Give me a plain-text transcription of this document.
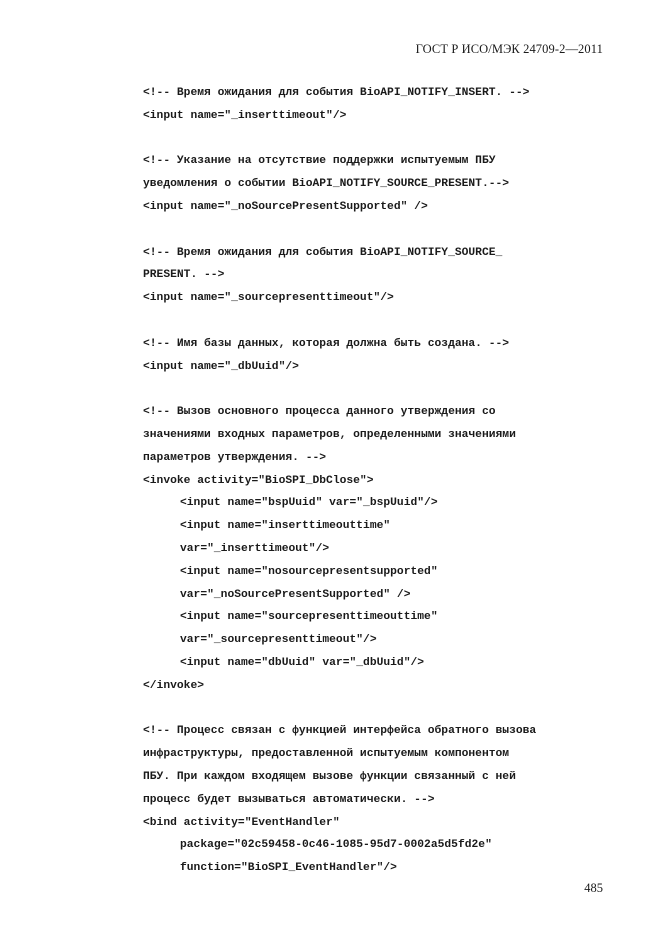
ГОСТ Р ИСО/МЭК 24709-2—2011
<!-- Время ожидания для события BioAPI_NOTIFY_INSERT. -->
<input name="_inserttimeout"/>
<!-- Указание на отсутствие поддержки испытуемым ПБУ
уведомления о событии BioAPI_NOTIFY_SOURCE_PRESENT.-->
<input name="_noSourcePresentSupported" />
<!-- Время ожидания для события BioAPI_NOTIFY_SOURCE_
PRESENT. -->
<input name="_sourcepresenttimeout"/>
<!-- Имя базы данных, которая должна быть создана. -->
<input name="_dbUuid"/>
<!-- Вызов основного процесса данного утверждения со
значениями входных параметров, определенными значениями
параметров утверждения. -->
<invoke activity="BioSPI_DbClose">
<input name="bspUuid" var="_bspUuid"/>
<input name="inserttimeouttime"
var="_inserttimeout"/>
<input name="nosourcepresentsupported"
var="_noSourcePresentSupported" />
<input name="sourcepresenttimeouttime"
var="_sourcepresenttimeout"/>
<input name="dbUuid" var="_dbUuid"/>
</invoke>
<!-- Процесс связан с функцией интерфейса обратного вызова
инфраструктуры, предоставленной испытуемым компонентом
ПБУ. При каждом входящем вызове функции связанный с ней
процесс будет вызываться автоматически. -->
<bind activity="EventHandler"
package="02c59458-0c46-1085-95d7-0002a5d5fd2e"
function="BioSPI_EventHandler"/>
485
